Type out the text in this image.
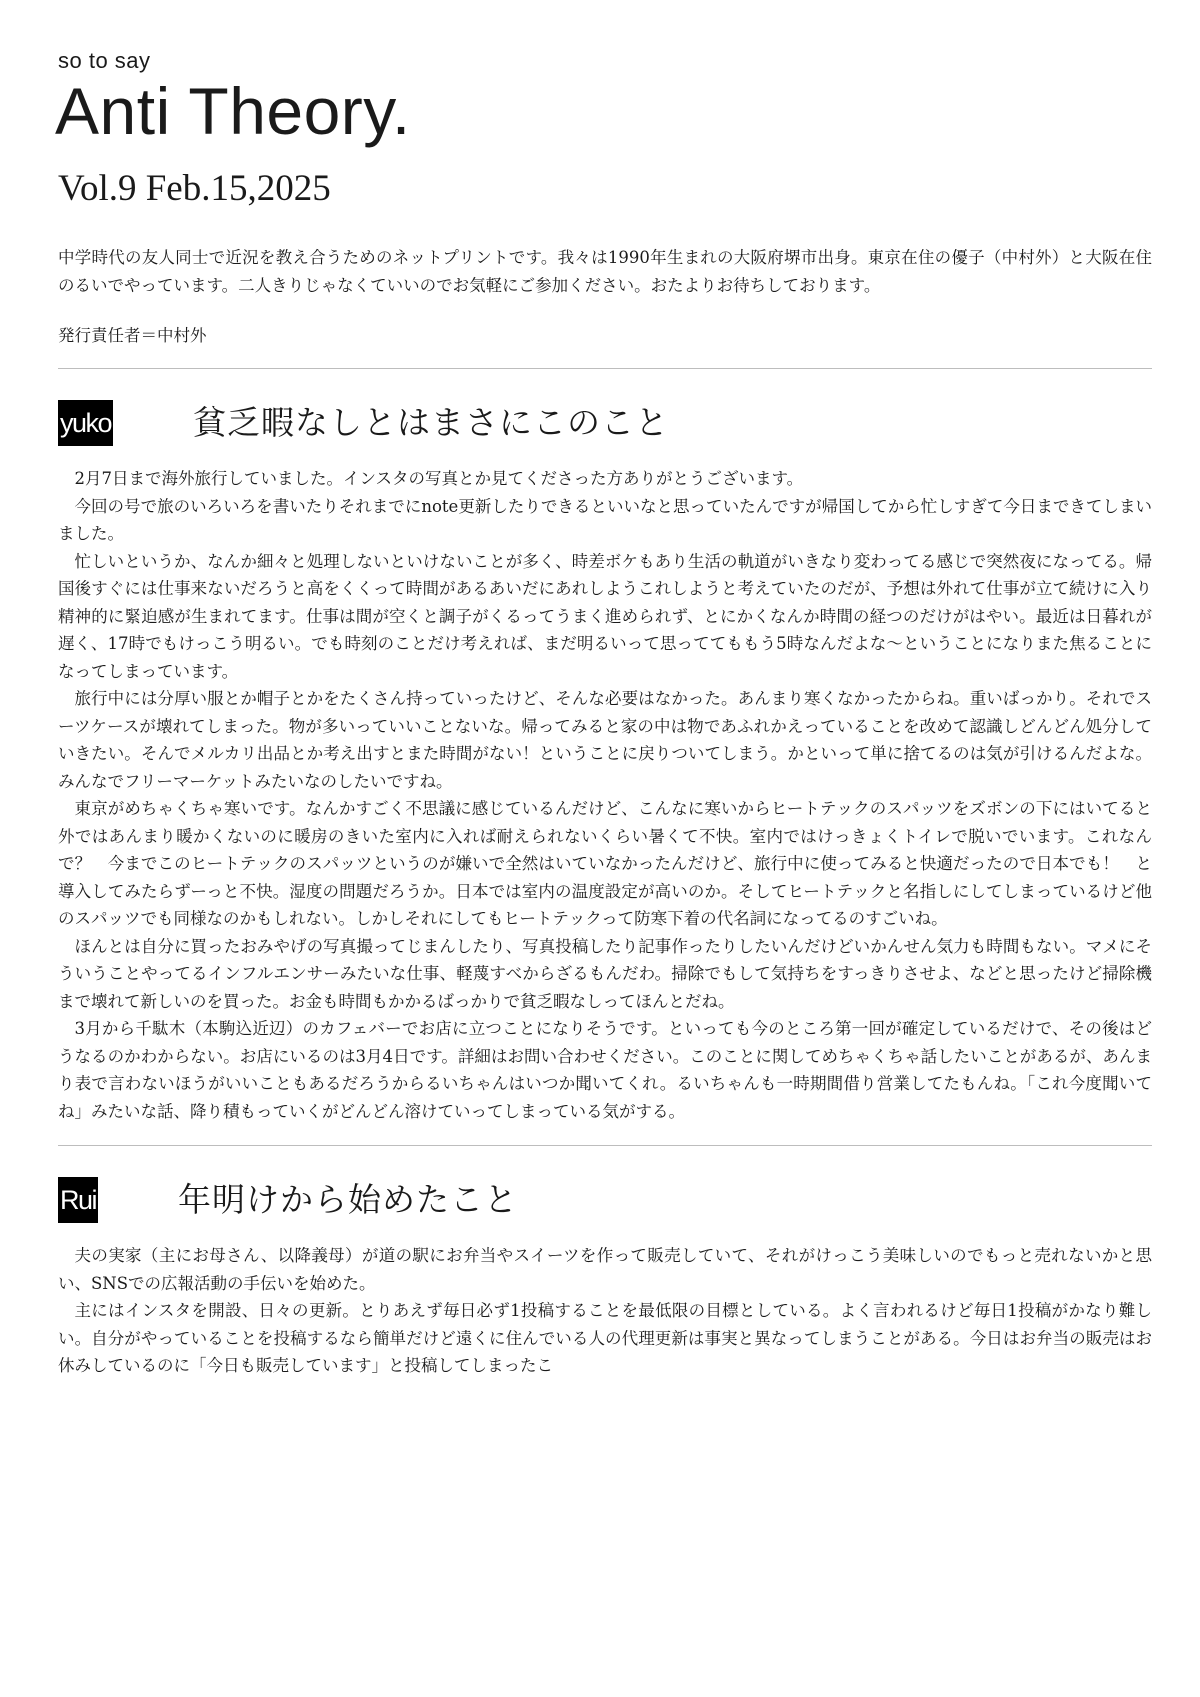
so to say

Anti Theory.
Vol.9 Feb.15,2025

中学時代の友人同士で近況を教え合うためのネットプリントです。我々は1990年生まれの大阪府堺市出身。東京在住の優子（中村外）と大阪在住のるいでやっています。二人きりじゃなくていいのでお気軽にご参加ください。おたよりお待ちしております。

発行責任者＝中村外

yuko 貧乏暇なしとはまさにこのこと

2月7日まで海外旅行していました。インスタの写真とか見てくださった方ありがとうございます。

今回の号で旅のいろいろを書いたりそれまでにnote更新したりできるといいなと思っていたんですが帰国してから忙しすぎて今日まできてしまいました。

忙しいというか、なんか細々と処理しないといけないことが多く、時差ボケもあり生活の軌道がいきなり変わってる感じで突然夜になってる。帰国後すぐには仕事来ないだろうと高をくくって時間があるあいだにあれしようこれしようと考えていたのだが、予想は外れて仕事が立て続けに入り精神的に緊迫感が生まれてます。仕事は間が空くと調子がくるってうまく進められず、とにかくなんか時間の経つのだけがはやい。最近は日暮れが遅く、17時でもけっこう明るい。でも時刻のことだけ考えれば、まだ明るいって思っててももう5時なんだよな〜ということになりまた焦ることになってしまっています。

旅行中には分厚い服とか帽子とかをたくさん持っていったけど、そんな必要はなかった。あんまり寒くなかったからね。重いばっかり。それでスーツケースが壊れてしまった。物が多いっていいことないな。帰ってみると家の中は物であふれかえっていることを改めて認識しどんどん処分していきたい。そんでメルカリ出品とか考え出すとまた時間がない！ということに戻りついてしまう。かといって単に捨てるのは気が引けるんだよな。みんなでフリーマーケットみたいなのしたいですね。

東京がめちゃくちゃ寒いです。なんかすごく不思議に感じているんだけど、こんなに寒いからヒートテックのスパッツをズボンの下にはいてると外ではあんまり暖かくないのに暖房のきいた室内に入れば耐えられないくらい暑くて不快。室内ではけっきょくトイレで脱いでいます。これなんで？　今までこのヒートテックのスパッツというのが嫌いで全然はいていなかったんだけど、旅行中に使ってみると快適だったので日本でも！　と導入してみたらずーっと不快。湿度の問題だろうか。日本では室内の温度設定が高いのか。そしてヒートテックと名指しにしてしまっているけど他のスパッツでも同様なのかもしれない。しかしそれにしてもヒートテックって防寒下着の代名詞になってるのすごいね。

ほんとは自分に買ったおみやげの写真撮ってじまんしたり、写真投稿したり記事作ったりしたいんだけどいかんせん気力も時間もない。マメにそういうことやってるインフルエンサーみたいな仕事、軽蔑すべからざるもんだわ。掃除でもして気持ちをすっきりさせよ、などと思ったけど掃除機まで壊れて新しいのを買った。お金も時間もかかるばっかりで貧乏暇なしってほんとだね。

3月から千駄木（本駒込近辺）のカフェバーでお店に立つことになりそうです。といっても今のところ第一回が確定しているだけで、その後はどうなるのかわからない。お店にいるのは3月4日です。詳細はお問い合わせください。このことに関してめちゃくちゃ話したいことがあるが、あんまり表で言わないほうがいいこともあるだろうからるいちゃんはいつか聞いてくれ。るいちゃんも一時期間借り営業してたもんね。「これ今度聞いてね」みたいな話、降り積もっていくがどんどん溶けていってしまっている気がする。

Rui 年明けから始めたこと

夫の実家（主にお母さん、以降義母）が道の駅にお弁当やスイーツを作って販売していて、それがけっこう美味しいのでもっと売れないかと思い、SNSでの広報活動の手伝いを始めた。

主にはインスタを開設、日々の更新。とりあえず毎日必ず1投稿することを最低限の目標としている。よく言われるけど毎日1投稿がかなり難しい。自分がやっていることを投稿するなら簡単だけど遠くに住んでいる人の代理更新は事実と異なってしまうことがある。今日はお弁当の販売はお休みしているのに「今日も販売しています」と投稿してしまったこ
